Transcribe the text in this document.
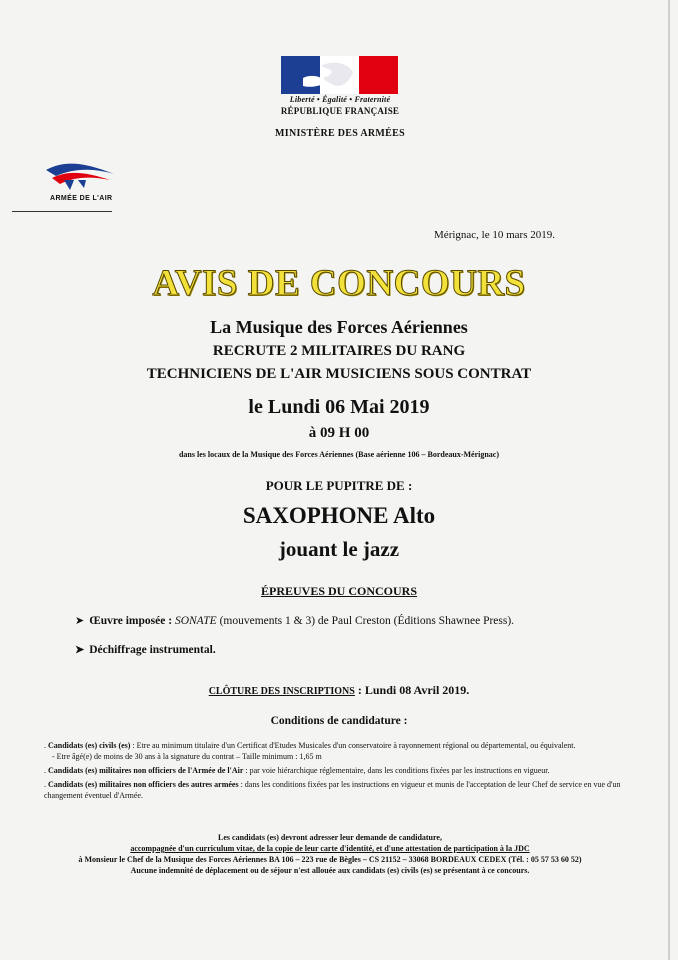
Liberté • Égalité • Fraternité
RÉPUBLIQUE FRANÇAISE
MINISTÈRE DES ARMÉES
ARMÉE DE L'AIR
Mérignac, le 10 mars 2019.
AVIS DE CONCOURS
La Musique des Forces Aériennes
RECRUTE 2 MILITAIRES DU RANG
TECHNICIENS DE L'AIR MUSICIENS SOUS CONTRAT
le Lundi 06 Mai 2019
à 09 H 00
dans les locaux de la Musique des Forces Aériennes (Base aérienne 106 – Bordeaux-Mérignac)
POUR LE PUPITRE DE :
SAXOPHONE Alto
jouant le jazz
ÉPREUVES DU CONCOURS
➤ Œuvre imposée : SONATE (mouvements 1 & 3) de Paul Creston (Éditions Shawnee Press).
➤ Déchiffrage instrumental.
CLÔTURE DES INSCRIPTIONS : Lundi 08 Avril 2019.
Conditions de candidature :
. Candidats (es) civils (es) : Etre au minimum titulaire d'un Certificat d'Etudes Musicales d'un conservatoire à rayonnement régional ou départemental, ou équivalent.
- Etre âgé(e) de moins de 30 ans à la signature du contrat – Taille minimum : 1,65 m
. Candidats (es) militaires non officiers de l'Armée de l'Air : par voie hiérarchique réglementaire, dans les conditions fixées par les instructions en vigueur.
. Candidats (es) militaires non officiers des autres armées : dans les conditions fixées par les instructions en vigueur et munis de l'acceptation de leur Chef de service en vue d'un changement éventuel d'Armée.
Les candidats (es) devront adresser leur demande de candidature,
accompagnée d'un curriculum vitae, de la copie de leur carte d'identité, et d'une attestation de participation à la JDC
à Monsieur le Chef de la Musique des Forces Aériennes BA 106 – 223 rue de Bègles – CS 21152 – 33068 BORDEAUX CEDEX (Tél. : 05 57 53 60 52)
Aucune indemnité de déplacement ou de séjour n'est allouée aux candidats (es) civils (es) se présentant à ce concours.
